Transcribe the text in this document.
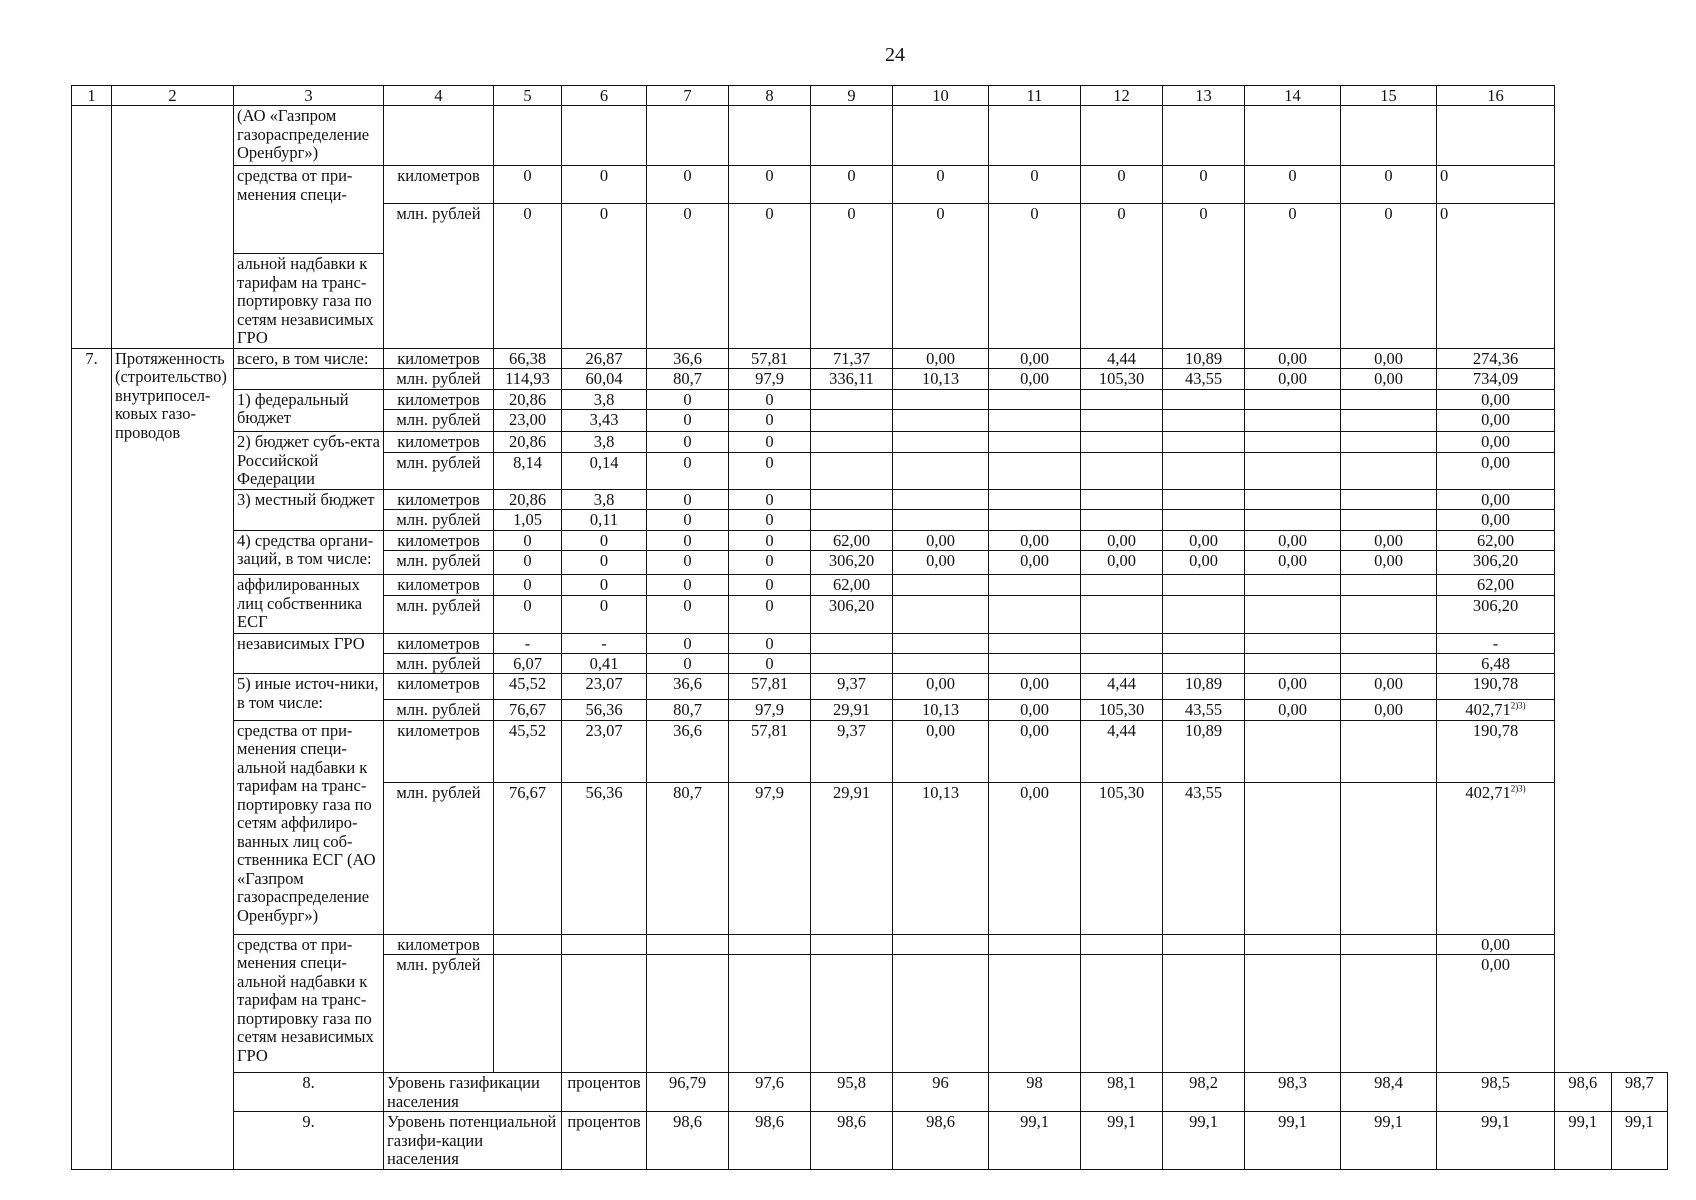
24
1	2	3	4	5	6	7	8	9	10	11	12	13	14	15	16		
		(АО «Газпром газораспределение Оренбург»)															
		средства от при-менения специ-	километров	0	0	0	0	0	0	0	0	0	0	0	0		
			млн. рублей	0	0	0	0	0	0	0	0	0	0	0	0		
		альной надбавки к тарифам на транс-портировку газа по сетям независимых ГРО															
7.	Протяженность (строительство) внутрипосел-ковых газо-проводов	всего, в том числе:	километров	66,38	26,87	36,6	57,81	71,37	0,00	0,00	4,44	10,89	0,00	0,00	274,36		
			млн. рублей	114,93	60,04	80,7	97,9	336,11	10,13	0,00	105,30	43,55	0,00	0,00	734,09		
		1) федеральный бюджет	километров	20,86	3,8	0	0								0,00		
			млн. рублей	23,00	3,43	0	0								0,00		
		2) бюджет субъ-екта Российской Федерации	километров	20,86	3,8	0	0								0,00		
			млн. рублей	8,14	0,14	0	0								0,00		
		3) местный бюджет	километров	20,86	3,8	0	0								0,00		
			млн. рублей	1,05	0,11	0	0								0,00		
		4) средства органи-заций, в том числе:	километров	0	0	0	0	62,00	0,00	0,00	0,00	0,00	0,00	0,00	62,00		
			млн. рублей	0	0	0	0	306,20	0,00	0,00	0,00	0,00	0,00	0,00	306,20		
		аффилированных лиц собственника ЕСГ	километров	0	0	0	0	62,00							62,00		
			млн. рублей	0	0	0	0	306,20							306,20		
		независимых ГРО	километров	-	-	0	0								-		
			млн. рублей	6,07	0,41	0	0								6,48		
		5) иные источ-ники, в том числе:	километров	45,52	23,07	36,6	57,81	9,37	0,00	0,00	4,44	10,89	0,00	0,00	190,78		
			млн. рублей	76,67	56,36	80,7	97,9	29,91	10,13	0,00	105,30	43,55	0,00	0,00	$402,71^{2)3)}$
		средства от при-менения специ-альной надбавки к тарифам на транс-портировку газа по сетям аффилиро-ванных лиц соб-ственника ЕСГ (АО «Газпром газораспределение Оренбург»)	километров	45,52	23,07	36,6	57,81	9,37	0,00	0,00	4,44	10,89			190,78		
			млн. рублей	76,67	56,36	80,7	97,9	29,91	10,13	0,00	105,30	43,55			$402,71^{2)3)}$
		средства от при-менения специ-альной надбавки к тарифам на транс-портировку газа по сетям независимых ГРО	километров												0,00		
			млн. рублей												0,00		
		8.	Уровень газификации населения		процентов	96,79	97,6	95,8	96	98	98,1	98,2	98,3	98,4	98,5	98,6	98,7
		9.	Уровень потенциальной газифи-кации населения		процентов	98,6	98,6	98,6	98,6	99,1	99,1	99,1	99,1	99,1	99,1	99,1	99,1
